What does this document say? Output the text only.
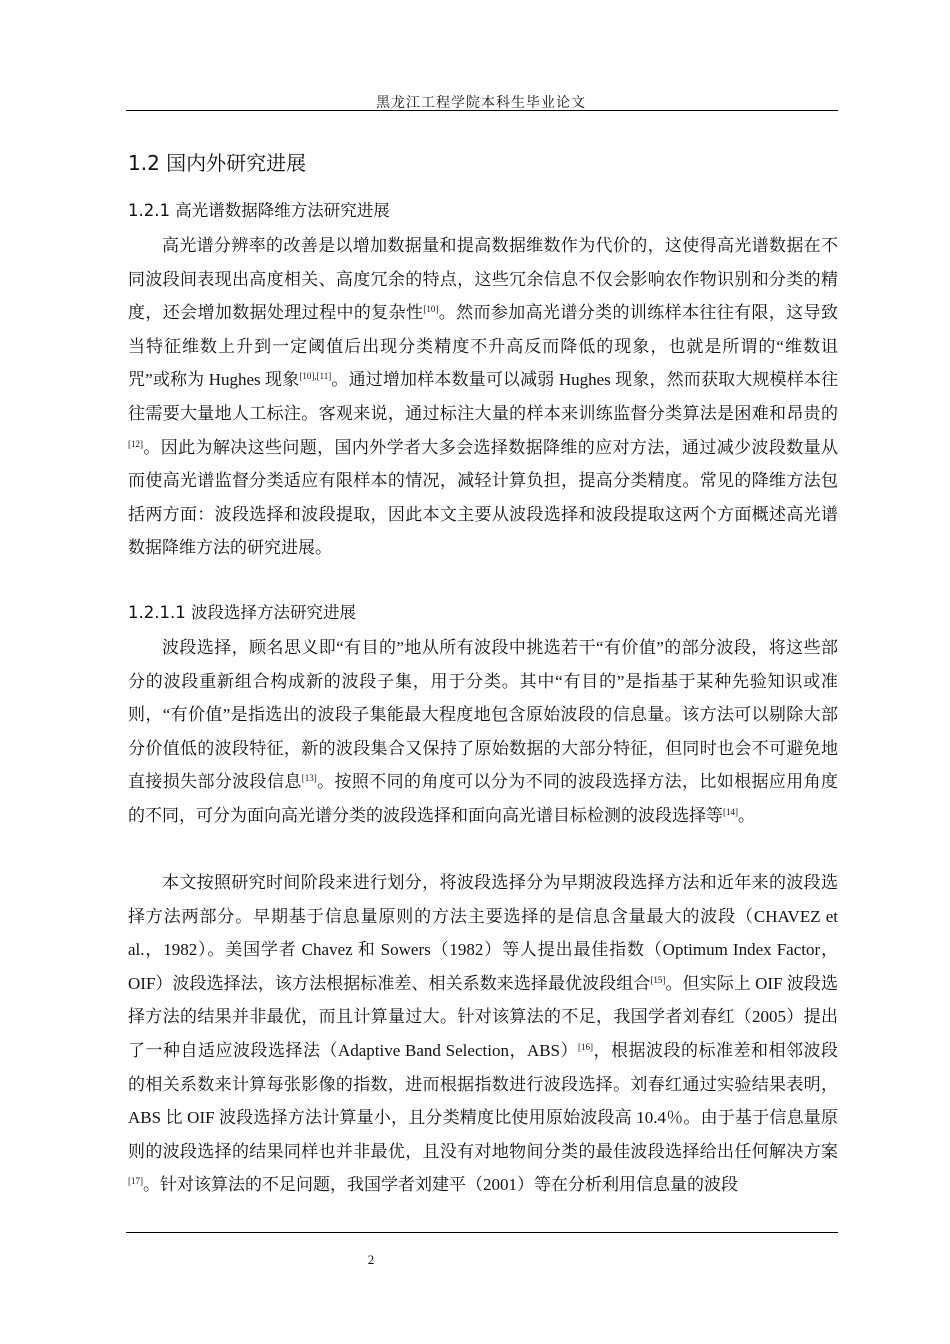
黑龙江工程学院本科生毕业论文
1.2 国内外研究进展
1.2.1 高光谱数据降维方法研究进展

高光谱分辨率的改善是以增加数据量和提高数据维数作为代价的，这使得高光谱数据在不同波段间表现出高度相关、高度冗余的特点，这些冗余信息不仅会影响农作物识别和分类的精度，还会增加数据处理过程中的复杂性[10]。然而参加高光谱分类的训练样本往往有限，这导致当特征维数上升到一定阈值后出现分类精度不升高反而降低的现象，也就是所谓的“维数诅咒”或称为 Hughes 现象[10],[11]。通过增加样本数量可以减弱 Hughes 现象，然而获取大规模样本往往需要大量地人工标注。客观来说，通过标注大量的样本来训练监督分类算法是困难和昂贵的[12]。因此为解决这些问题，国内外学者大多会选择数据降维的应对方法，通过减少波段数量从而使高光谱监督分类适应有限样本的情况，减轻计算负担，提高分类精度。常见的降维方法包括两方面：波段选择和波段提取，因此本文主要从波段选择和波段提取这两个方面概述高光谱数据降维方法的研究进展。

1.2.1.1 波段选择方法研究进展

波段选择，顾名思义即“有目的”地从所有波段中挑选若干“有价值”的部分波段，将这些部分的波段重新组合构成新的波段子集，用于分类。其中“有目的”是指基于某种先验知识或准则，“有价值”是指选出的波段子集能最大程度地包含原始波段的信息量。该方法可以剔除大部分价值低的波段特征，新的波段集合又保持了原始数据的大部分特征，但同时也会不可避免地直接损失部分波段信息[13]。按照不同的角度可以分为不同的波段选择方法，比如根据应用角度的不同，可分为面向高光谱分类的波段选择和面向高光谱目标检测的波段选择等[14]。

本文按照研究时间阶段来进行划分，将波段选择分为早期波段选择方法和近年来的波段选择方法两部分。早期基于信息量原则的方法主要选择的是信息含量最大的波段（CHAVEZ et al.，1982）。美国学者 Chavez 和 Sowers（1982）等人提出最佳指数（Optimum Index Factor，OIF）波段选择法，该方法根据标准差、相关系数来选择最优波段组合[15]。但实际上 OIF 波段选择方法的结果并非最优，而且计算量过大。针对该算法的不足，我国学者刘春红（2005）提出了一种自适应波段选择法（Adaptive Band Selection，ABS）[16]，根据波段的标准差和相邻波段的相关系数来计算每张影像的指数，进而根据指数进行波段选择。刘春红通过实验结果表明，ABS 比 OIF 波段选择方法计算量小，且分类精度比使用原始波段高 10.4％。由于基于信息量原则的波段选择的结果同样也并非最优，且没有对地物间分类的最佳波段选择给出任何解决方案[17]。针对该算法的不足问题，我国学者刘建平（2001）等在分析利用信息量的波段

2
